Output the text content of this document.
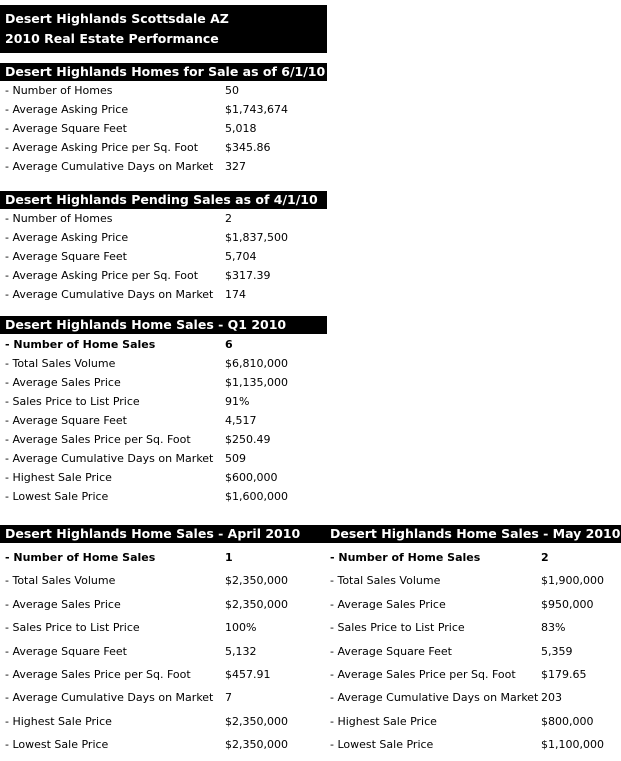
Desert Highlands Scottsdale AZ
2010 Real Estate Performance
Desert Highlands Homes for Sale as of 6/1/10
Desert Highlands Pending Sales as of 4/1/10
Desert Highlands Home Sales - Q1 2010
Desert Highlands Home Sales - April 2010 Desert Highlands Home Sales - May 2010
- Number of Homes	50
- Average Asking Price	$1,743,674
- Average Square Feet	5,018
- Average Asking Price per Sq. Foot $345.86
- Average Cumulative Days on Market 327
- Number of Homes	2
- Average Asking Price	$1,837,500
- Average Square Feet	5,704
- Average Asking Price per Sq. Foot $317.39
- Average Cumulative Days on Market 174
- Number of Home Sales	6
- Total Sales Volume	$6,810,000
- Average Sales Price	$1,135,000
- Sales Price to List Price	91%
- Average Square Feet	4,517
- Average Sales Price per Sq. Foot	$250.49
- Average Cumulative Days on Market 509
- Highest Sale Price	$600,000
- Lowest Sale Price	$1,600,000
- Number of Home Sales	1
- Total Sales Volume	$2,350,000
- Average Sales Price	$2,350,000
- Sales Price to List Price	100%
- Average Square Feet	5,132
- Average Sales Price per Sq. Foot	$457.91
- Average Cumulative Days on Market 7
- Highest Sale Price	$2,350,000
- Lowest Sale Price	$2,350,000
- Number of Home Sales	2
- Total Sales Volume	$1,900,000
- Average Sales Price	$950,000
- Sales Price to List Price	83%
- Average Square Feet	5,359
- Average Sales Price per Sq. Foot $179.65
- Average Cumulative Days on Market 203
- Highest Sale Price	$800,000
- Lowest Sale Price	$1,100,000
